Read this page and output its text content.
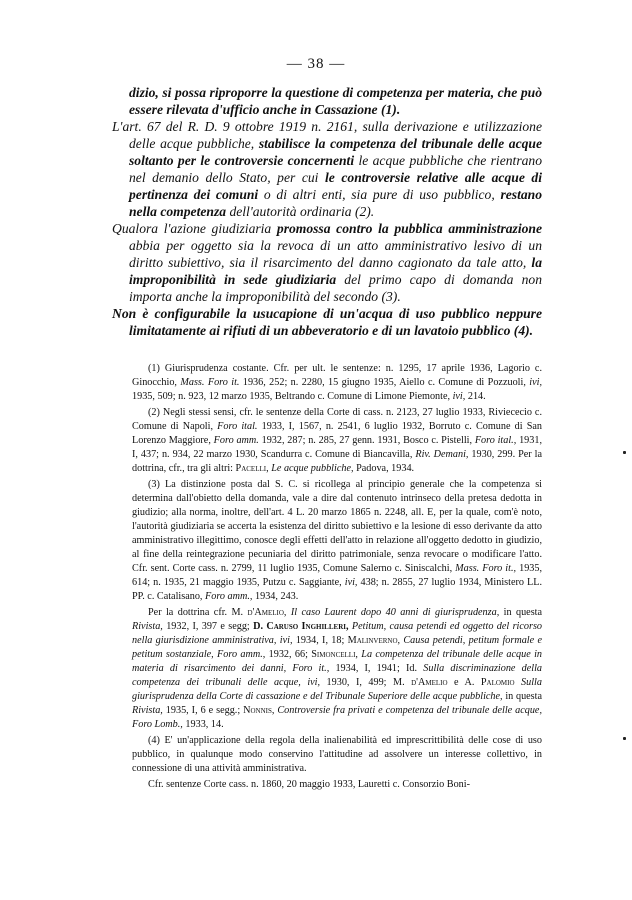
— 38 —

dizio, si possa riproporre la questione di competenza per materia, che può essere rilevata d'ufficio anche in Cassazione (1).

L'art. 67 del R. D. 9 ottobre 1919 n. 2161, sulla derivazione e utilizzazione delle acque pubbliche, stabilisce la competenza del tribunale delle acque soltanto per le controversie concernenti le acque pubbliche che rientrano nel demanio dello Stato, per cui le controversie relative alle acque di pertinenza dei comuni o di altri enti, sia pure di uso pubblico, restano nella competenza dell'autorità ordinaria (2).

Qualora l'azione giudiziaria promossa contro la pubblica amministrazione abbia per oggetto sia la revoca di un atto amministrativo lesivo di un diritto subiettivo, sia il risarcimento del danno cagionato da tale atto, la improponibilità in sede giudiziaria del primo capo di domanda non importa anche la improponibilità del secondo (3).

Non è configurabile la usucapione di un'acqua di uso pubblico neppure limitatamente ai rifiuti di un abbeveratorio e di un lavatoio pubblico (4).

(1) Giurisprudenza costante. Cfr. per ult. le sentenze: n. 1295, 17 aprile 1936, Lagorio c. Ginocchio, Mass. Foro it. 1936, 252; n. 2280, 15 giugno 1935, Aiello c. Comune di Pozzuoli, ivi, 1935, 509; n. 923, 12 marzo 1935, Beltrando c. Comune di Limone Piemonte, ivi, 214.

(2) Negli stessi sensi, cfr. le sentenze della Corte di cass. n. 2123, 27 luglio 1933, Riviececio c. Comune di Napoli, Foro ital. 1933, I, 1567, n. 2541, 6 luglio 1932, Borruto c. Comune di San Lorenzo Maggiore, Foro amm. 1932, 287; n. 285, 27 genn. 1931, Bosco c. Pistelli, Foro ital., 1931, I, 437; n. 934, 22 marzo 1930, Scandurra c. Comune di Biancavilla, Riv. Demani, 1930, 299. Per la dottrina, cfr., tra gli altri: Pacelli, Le acque pubbliche, Padova, 1934.

(3) La distinzione posta dal S. C. si ricollega al principio generale che la competenza si determina dall'obietto della domanda, vale a dire dal contenuto intrinseco della pretesa dedotta in giudizio; alla norma, inoltre, dell'art. 4 L. 20 marzo 1865 n. 2248, all. E, per la quale, com'è noto, l'autorità giudiziaria se accerta la esistenza del diritto subiettivo e la lesione di esso derivante da atto amministrativo illegittimo, conosce degli effetti dell'atto in relazione all'oggetto dedotto in giudizio, al fine della reintegrazione pecuniaria del diritto patrimoniale, senza revocare o modificare l'atto. Cfr. sent. Corte cass. n. 2799, 11 luglio 1935, Comune Salerno c. Siniscalchi, Mass. Foro it., 1935, 614; n. 1935, 21 maggio 1935, Putzu c. Saggiante, ivi, 438; n. 2855, 27 luglio 1934, Ministero LL. PP. c. Catalisano, Foro amm., 1934, 243.

Per la dottrina cfr. M. d'Amelio, Il caso Laurent dopo 40 anni di giurisprudenza, in questa Rivista, 1932, I, 397 e segg; D. Caruso Inghilleri, Petitum, causa petendi ed oggetto del ricorso nella giurisdizione amministrativa, ivi, 1934, I, 18; Malinverno, Causa petendi, petitum formale e petitum sostanziale, Foro amm., 1932, 66; Simoncelli, La competenza del tribunale delle acque in materia di risarcimento dei danni, Foro it., 1934, I, 1941; Id. Sulla discriminazione della competenza dei tribunali delle acque, ivi, 1930, I, 499; M. d'Amelio e A. Palomio Sulla giurisprudenza della Corte di cassazione e del Tribunale Superiore delle acque pubbliche, in questa Rivista, 1935, I, 6 e segg.; Nonnis, Controversie fra privati e competenza del tribunale delle acque, Foro Lomb., 1933, 14.

(4) E' un'applicazione della regola della inalienabilità ed imprescrittibilità delle cose di uso pubblico, in qualunque modo conservino l'attitudine ad assolvere un interesse collettivo, in connessione di una attività amministrativa.

Cfr. sentenze Corte cass. n. 1860, 20 maggio 1933, Lauretti c. Consorzio Boni-
